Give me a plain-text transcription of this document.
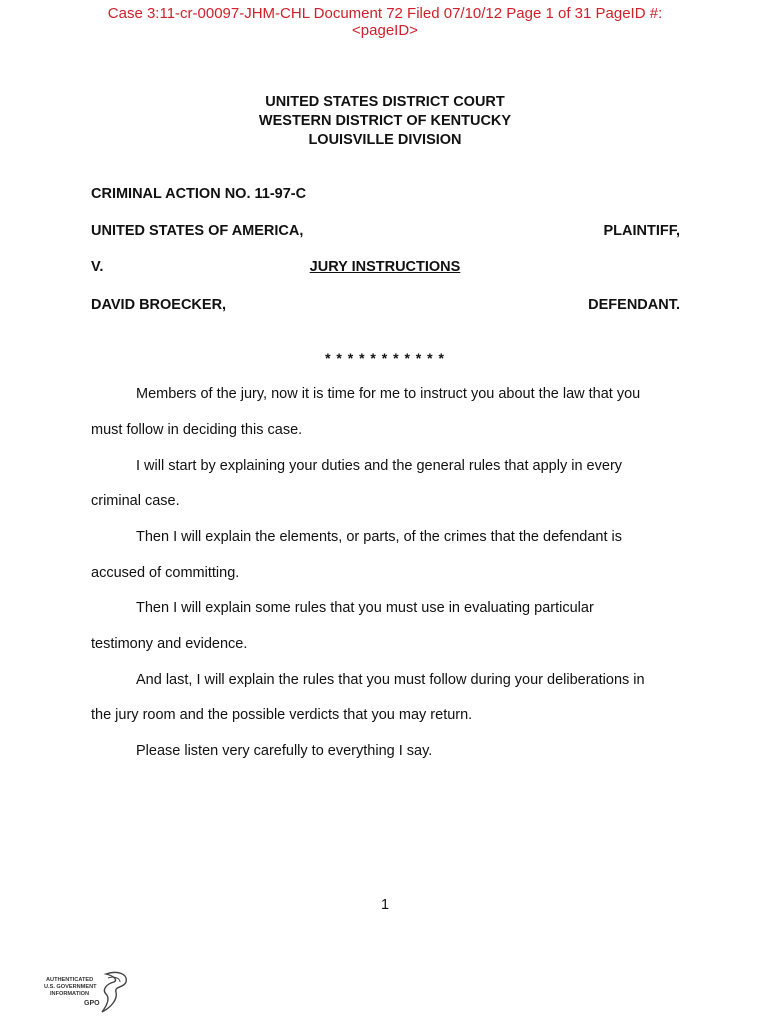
Case 3:11-cr-00097-JHM-CHL Document 72 Filed 07/10/12 Page 1 of 31 PageID #:
<pageID>
UNITED STATES DISTRICT COURT
WESTERN DISTRICT OF KENTUCKY
LOUISVILLE DIVISION
CRIMINAL ACTION NO. 11-97-C
UNITED STATES OF AMERICA,	PLAINTIFF,
V.	JURY INSTRUCTIONS
DAVID BROECKER,	DEFENDANT.
* * * * * * * * * * *
Members of the jury, now it is time for me to instruct you about the law that you
must follow in deciding this case.
I will start by explaining your duties and the general rules that apply in every
criminal case.
Then I will explain the elements, or parts, of the crimes that the defendant is
accused of committing.
Then I will explain some rules that you must use in evaluating particular
testimony and evidence.
And last, I will explain the rules that you must follow during your deliberations in
the jury room and the possible verdicts that you may return.
Please listen very carefully to everything I say.
1
AUTHENTICATED
U.S. GOVERNMENT
INFORMATION
GPO
